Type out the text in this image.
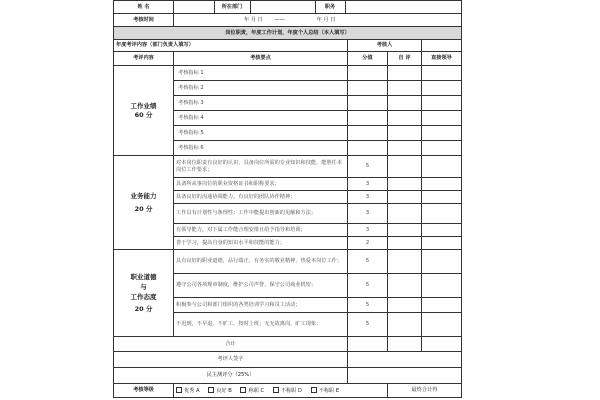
姓 名	
		所在部门		职务	

考核时间	年 月 日 ——	年 月 日
岗位职责，年度工作计划，年度个人总结（本人填写）
年度考评内容（部门负责人填写）	考核人	
考评内容	考核要点	分值	自 评	直接领导

工作业绩
60 分
	考核指标 1			
考核指标 2			
考核指标 3			
考核指标 4			
考核指标 5			
考核指标 6			

业务能力
20 分
	对本岗位职责有良好的认识，具备岗位所需的专业知识和技能，能胜任本岗位工作要求；	5		
具备所从事岗位的职业资格证书和职称要求；	3		
具备良好的沟通协调能力，有良好的团队协作精神；	3		
工作具有计划性与条理性；工作中能提出创新的见解和方法；	3		
有领导能力，对下属工作能合理安排且给予指导和培训；	3		
善于学习，提高自身的知识水平和技能的能力；	2		

职业道德
与
工作态度
20 分
	具有良好的职业道德，品行端正；有务实的敬业精神，热爱本岗位工作；	5		
遵守公司各项规章制度，维护公司声誉，保守公司商业机密；	5		
积极参与公司和部门组织的各类培训学习和员工活动；	5		
不迟到，不早退，不旷工，按时上班；无无故离岗，旷工现象；	5		
合计			
考评人签字	
民主测评分（25%）	
考核等级	优秀 A	良好 B	称职 C	不称职 D	不称职 E	最终合计得
